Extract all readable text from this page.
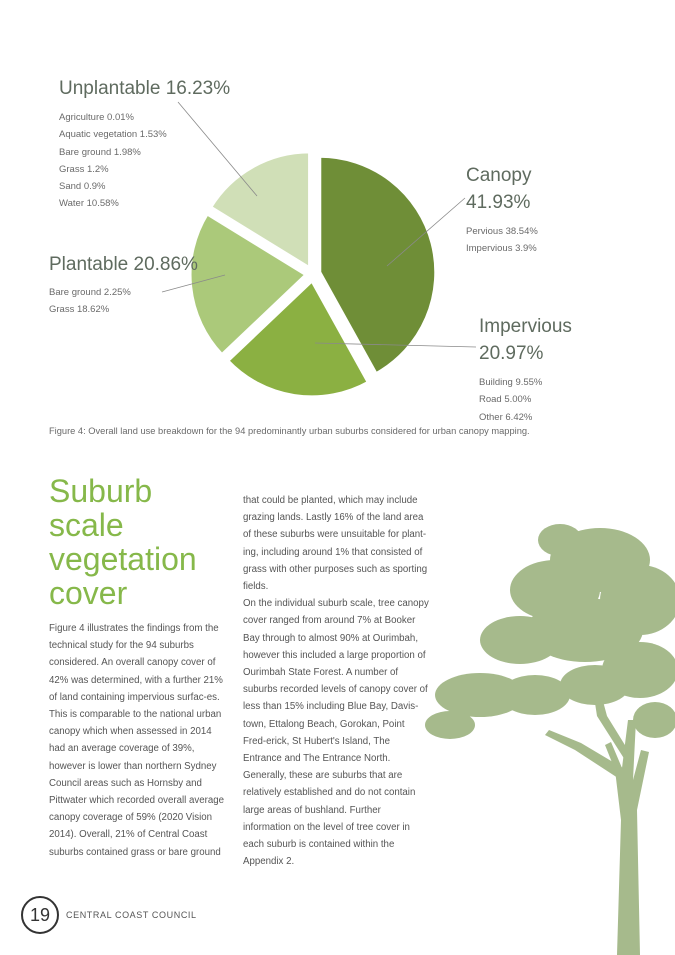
Unplantable 16.23%
Agriculture 0.01%
Aquatic vegetation 1.53%
Bare ground 1.98%
Grass 1.2%
Sand 0.9%
Water 10.58%
Canopy
41.93%
Pervious 38.54%
Impervious 3.9%
Plantable 20.86%
Bare ground 2.25%
Grass 18.62%
Impervious
20.97%
Building 9.55%
Road 5.00%
Other 6.42%
Figure 4: Overall land use breakdown for the 94 predominantly urban suburbs considered for urban canopy mapping.
Suburb
scale
vegetation
cover

Figure 4 illustrates the findings from the technical study for the 94 suburbs considered. An overall canopy cover of 42% was determined, with a further 21% of land containing impervious surfac-es. This is comparable to the national urban canopy which when assessed in 2014 had an average coverage of 39%, however is lower than northern Sydney Council areas such as Hornsby and Pittwater which recorded overall average canopy coverage of 59% (2020 Vision 2014). Overall, 21% of Central Coast suburbs contained grass or bare ground

that could be planted, which may include grazing lands. Lastly 16% of the land area of these suburbs were unsuitable for plant-ing, including around 1% that consisted of grass with other purposes such as sporting fields.
On the individual suburb scale, tree canopy cover ranged from around 7% at Booker Bay through to almost 90% at Ourimbah, however this included a large proportion of Ourimbah State Forest. A number of suburbs recorded levels of canopy cover of less than 15% including Blue Bay, Davis-town, Ettalong Beach, Gorokan, Point Fred-erick, St Hubert's Island, The Entrance and The Entrance North. Generally, these are suburbs that are relatively established and do not contain large areas of bushland. Further information on the level of tree cover in each suburb is contained within the Appendix 2.
19	CENTRAL COAST COUNCIL
